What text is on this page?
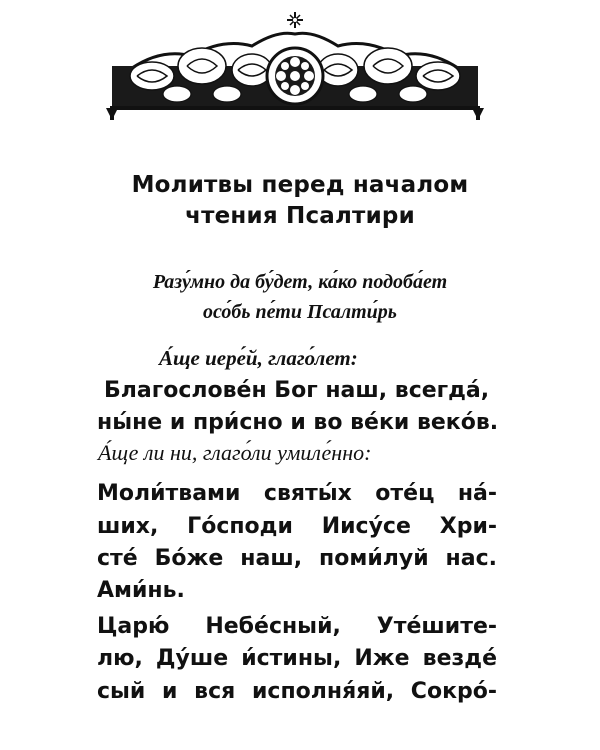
Молитвы перед началом

чтения Псалтири

Разу́мно да бу́дет, ка́ко подоба́ет

осо́бь пе́ти Псалти́рь

А́ще иере́й, глаго́лет:

Благослове́н Бог наш, всегда́,

ны́не и при́сно и во ве́ки веко́в.

А́ще ли ни, глаго́ли умиле́нно:

Моли́твами святы́х оте́ц на́-

ших, Го́споди Иису́се Хри-

сте́ Бо́же наш, поми́луй нас.

Ами́нь.

Царю́ Небе́сный, Уте́шите-

лю, Ду́ше и́стины, Иже везде́

сый и вся исполня́яй, Сокро́-
